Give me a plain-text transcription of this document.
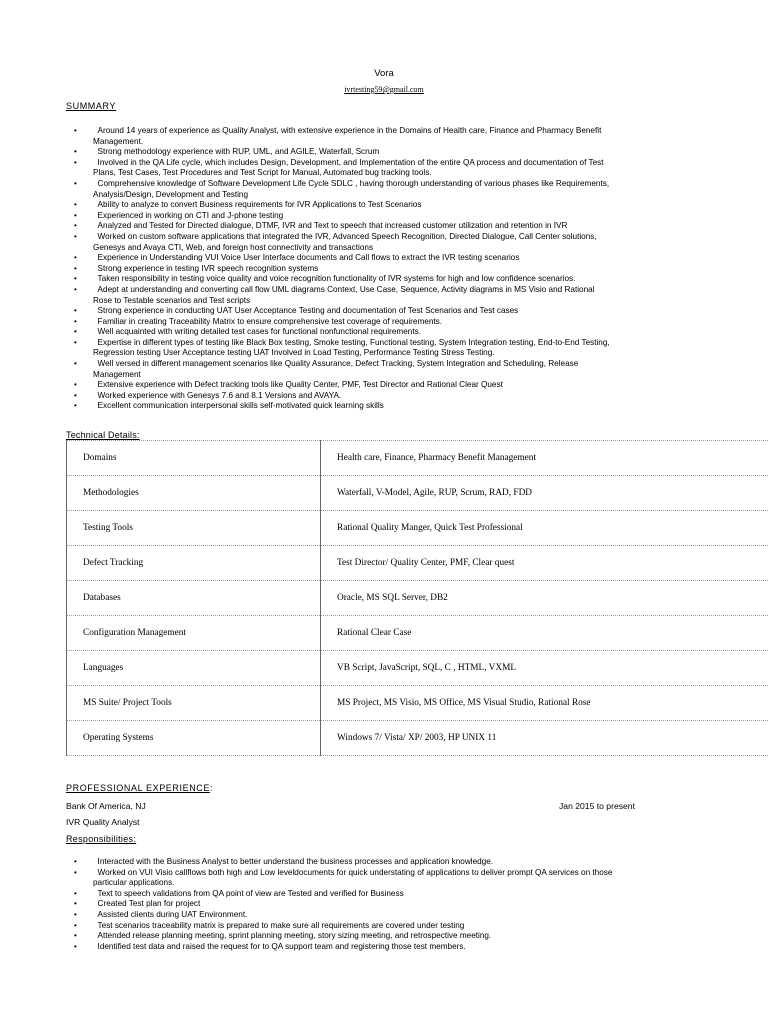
Vora
ivrtesting59@gmail.com
SUMMARY
• Around 14 years of experience as Quality Analyst, with extensive experience in the Domains of Health care, Finance and Pharmacy Benefit
Management.
• Strong methodology experience with RUP, UML, and AGILE, Waterfall, Scrum
• Involved in the QA Life cycle, which includes Design, Development, and Implementation of the entire QA process and documentation of Test
Plans, Test Cases, Test Procedures and Test Script for Manual, Automated bug tracking tools.
• Comprehensive knowledge of Software Development Life Cycle SDLC , having thorough understanding of various phases like Requirements,
Analysis/Design, Development and Testing
• Ability to analyze to convert Business requirements for IVR Applications to Test Scenarios
• Experienced in working on CTI and J-phone testing
• Analyzed and Tested for Directed dialogue, DTMF, IVR and Text to speech that increased customer utilization and retention in IVR
• Worked on custom software applications that integrated the IVR, Advanced Speech Recognition, Directed Dialogue, Call Center solutions,
Genesys and Avaya CTI, Web, and foreign host connectivity and transactions
• Experience in Understanding VUI Voice User Interface documents and Call flows to extract the IVR testing scenarios
• Strong experience in testing IVR speech recognition systems
• Taken responsibility in testing voice quality and voice recognition functionality of IVR systems for high and low confidence scenarios.
• Adept at understanding and converting call flow UML diagrams Context, Use Case, Sequence, Activity diagrams in MS Visio and Rational
Rose to Testable scenarios and Test scripts
• Strong experience in conducting UAT User Acceptance Testing and documentation of Test Scenarios and Test cases
• Familiar in creating Traceability Matrix to ensure comprehensive test coverage of requirements.
• Well acquainted with writing detailed test cases for functional nonfunctional requirements.
• Expertise in different types of testing like Black Box testing, Smoke testing, Functional testing, System Integration testing, End-to-End Testing,
Regression testing User Acceptance testing UAT Involved in Load Testing, Performance Testing Stress Testing.
• Well versed in different management scenarios like Quality Assurance, Defect Tracking, System Integration and Scheduling, Release
Management
• Extensive experience with Defect tracking tools like Quality Center, PMF, Test Director and Rational Clear Quest
• Worked experience with Genesys 7.6 and 8.1 Versions and AVAYA.
• Excellent communication interpersonal skills self-motivated quick learning skills
Technical Details:
Domains	Health care, Finance, Pharmacy Benefit Management
Methodologies	Waterfall, V-Model, Agile, RUP, Scrum, RAD, FDD
Testing Tools	Rational Quality Manger, Quick Test Professional
Defect Tracking	Test Director/ Quality Center, PMF, Clear quest
Databases	Oracle, MS SQL Server, DB2
Configuration Management	Rational Clear Case
Languages	VB Script, JavaScript, SQL, C , HTML, VXML
MS Suite/ Project Tools	MS Project, MS Visio, MS Office, MS Visual Studio, Rational Rose
Operating Systems	Windows 7/ Vista/ XP/ 2003, HP UNIX 11
PROFESSIONAL EXPERIENCE:
Bank Of America, NJ	Jan 2015 to present
IVR Quality Analyst
Responsibilities:
• Interacted with the Business Analyst to better understand the business processes and application knowledge.
• Worked on VUI Visio callflows both high and Low leveldocuments for quick understating of applications to deliver prompt QA services on those
particular applications.
• Text to speech validations from QA point of view are Tested and verified for Business
• Created Test plan for project
• Assisted clients during UAT Environment.
• Test scenarios traceability matrix is prepared to make sure all requirements are covered under testing
• Attended release planning meeting, sprint planning meeting, story sizing meeting, and retrospective meeting.
• Identified test data and raised the request for to QA support team and registering those test members.
